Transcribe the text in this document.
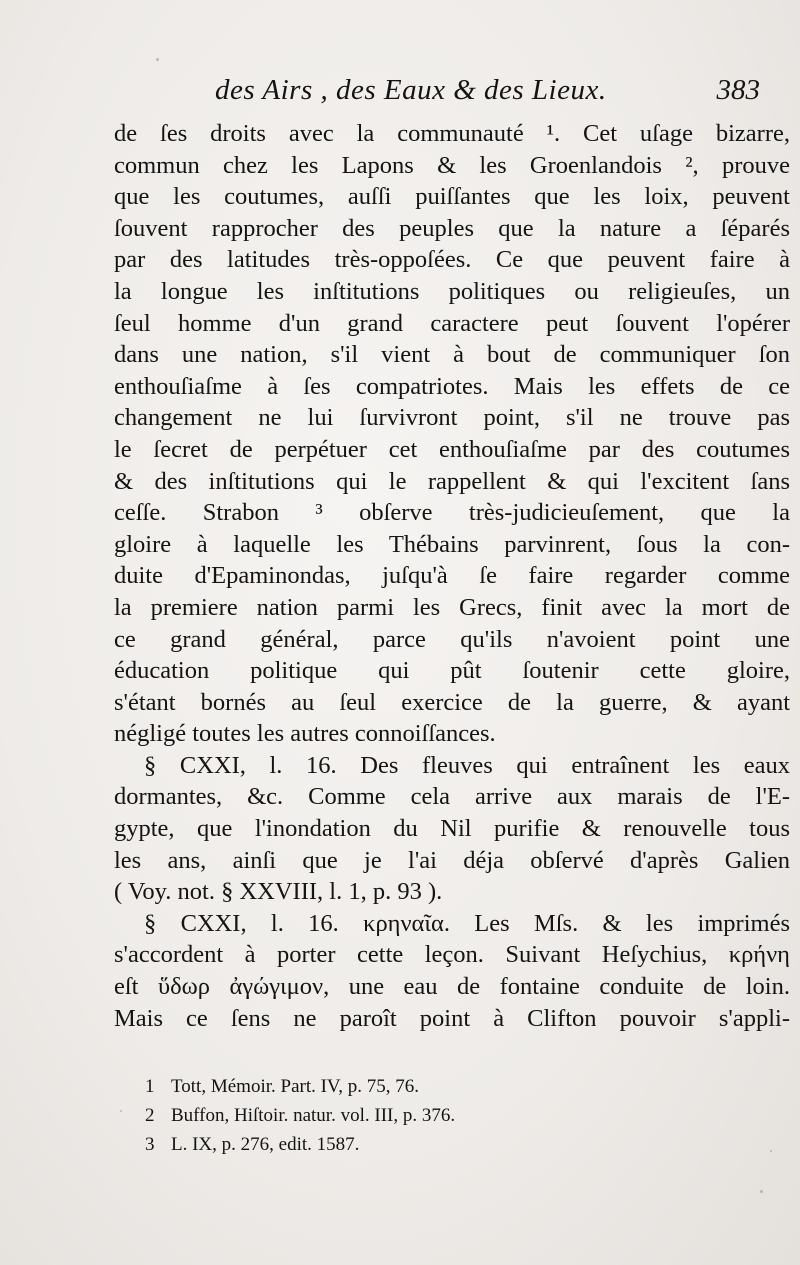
des Airs , des Eaux & des Lieux.	383
de ſes droits avec la communauté ¹. Cet uſage bizarre,
commun chez les Lapons & les Groenlandois ², prouve
que les coutumes, auſſi puiſſantes que les loix, peuvent
ſouvent rapprocher des peuples que la nature a ſéparés
par des latitudes très-oppoſées. Ce que peuvent faire à
la longue les inſtitutions politiques ou religieuſes, un
ſeul homme d'un grand caractere peut ſouvent l'opérer
dans une nation, s'il vient à bout de communiquer ſon
enthouſiaſme à ſes compatriotes. Mais les effets de ce
changement ne lui ſurvivront point, s'il ne trouve pas
le ſecret de perpétuer cet enthouſiaſme par des coutumes
& des inſtitutions qui le rappellent & qui l'excitent ſans
ceſſe. Strabon ³ obſerve très-judicieuſement, que la
gloire à laquelle les Thébains parvinrent, ſous la con-
duite d'Epaminondas, juſqu'à ſe faire regarder comme
la premiere nation parmi les Grecs, finit avec la mort de
ce grand général, parce qu'ils n'avoient point une
éducation politique qui pût ſoutenir cette gloire,
s'étant bornés au ſeul exercice de la guerre, & ayant
négligé toutes les autres connoiſſances.
§ CXXI, l. 16. Des fleuves qui entraînent les eaux
dormantes, &c. Comme cela arrive aux marais de l'E-
gypte, que l'inondation du Nil purifie & renouvelle tous
les ans, ainſi que je l'ai déja obſervé d'après Galien
( Voy. not. § XXVIII, l. 1, p. 93 ).
§ CXXI, l. 16. κρηναῖα. Les Mſs. & les imprimés
s'accordent à porter cette leçon. Suivant Heſychius, κρήνη
eſt ὕδωρ ἀγώγιμον, une eau de fontaine conduite de loin.
Mais ce ſens ne paroît point à Clifton pouvoir s'appli-
1 Tott, Mémoir. Part. IV, p. 75, 76.
2 Buffon, Hiſtoir. natur. vol. III, p. 376.
3 L. IX, p. 276, edit. 1587.
